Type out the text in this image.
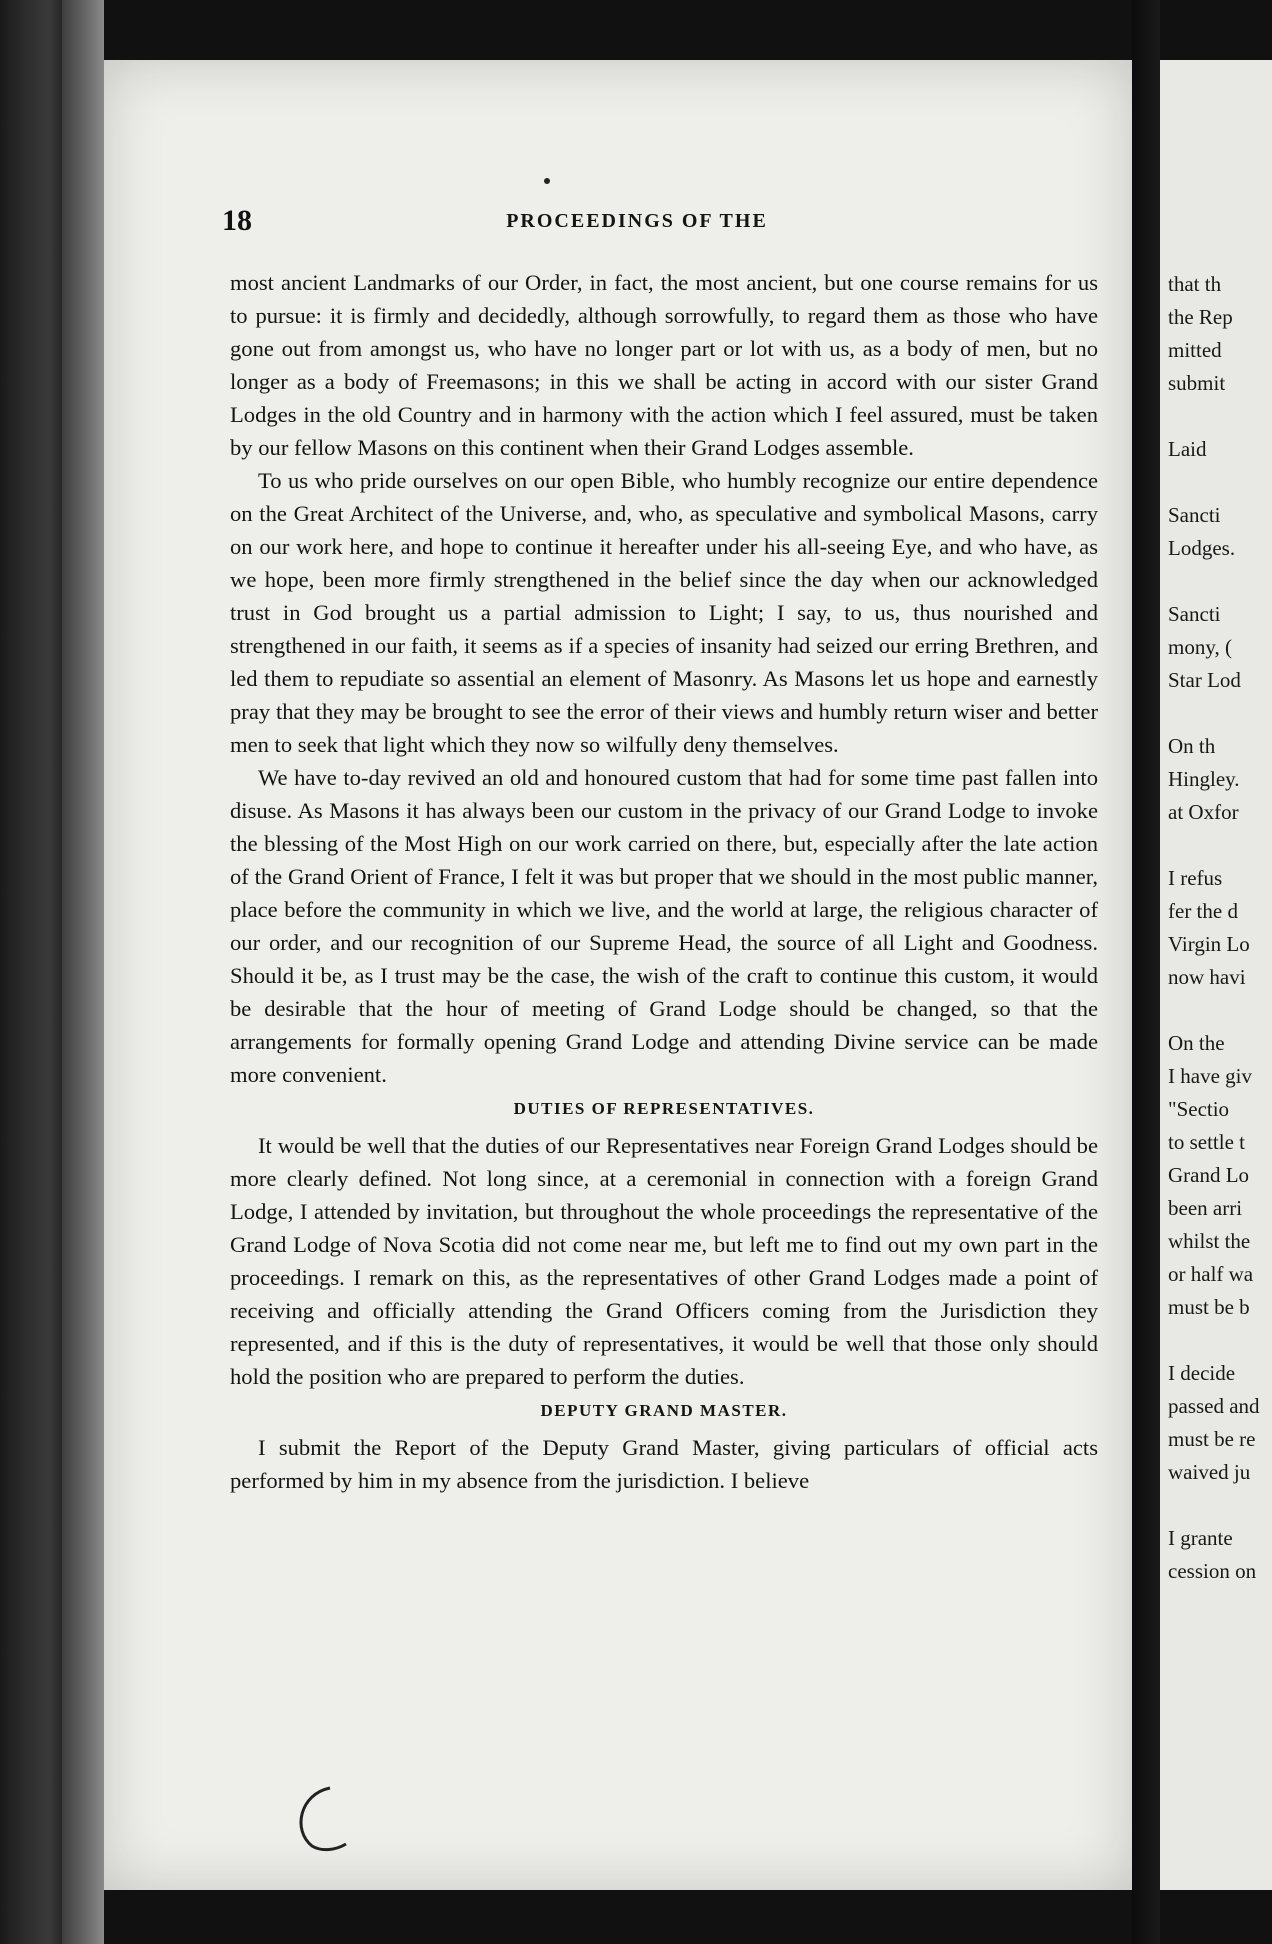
18	PROCEEDINGS OF THE

most ancient Landmarks of our Order, in fact, the most ancient, but one course remains for us to pursue: it is firmly and decidedly, although sorrowfully, to regard them as those who have gone out from amongst us, who have no longer part or lot with us, as a body of men, but no longer as a body of Freemasons; in this we shall be acting in accord with our sister Grand Lodges in the old Country and in harmony with the action which I feel assured, must be taken by our fellow Masons on this continent when their Grand Lodges assemble.

To us who pride ourselves on our open Bible, who humbly recognize our entire dependence on the Great Architect of the Universe, and, who, as speculative and symbolical Masons, carry on our work here, and hope to continue it hereafter under his all-seeing Eye, and who have, as we hope, been more firmly strengthened in the belief since the day when our acknowledged trust in God brought us a partial admission to Light; I say, to us, thus nourished and strengthened in our faith, it seems as if a species of insanity had seized our erring Brethren, and led them to repudiate so assential an element of Masonry. As Masons let us hope and earnestly pray that they may be brought to see the error of their views and humbly return wiser and better men to seek that light which they now so wilfully deny themselves.

We have to-day revived an old and honoured custom that had for some time past fallen into disuse. As Masons it has always been our custom in the privacy of our Grand Lodge to invoke the blessing of the Most High on our work carried on there, but, especially after the late action of the Grand Orient of France, I felt it was but proper that we should in the most public manner, place before the community in which we live, and the world at large, the religious character of our order, and our recognition of our Supreme Head, the source of all Light and Goodness. Should it be, as I trust may be the case, the wish of the craft to continue this custom, it would be desirable that the hour of meeting of Grand Lodge should be changed, so that the arrangements for formally opening Grand Lodge and attending Divine service can be made more convenient.

DUTIES OF REPRESENTATIVES.

It would be well that the duties of our Representatives near Foreign Grand Lodges should be more clearly defined. Not long since, at a ceremonial in connection with a foreign Grand Lodge, I attended by invitation, but throughout the whole proceedings the representative of the Grand Lodge of Nova Scotia did not come near me, but left me to find out my own part in the proceedings. I remark on this, as the representatives of other Grand Lodges made a point of receiving and officially attending the Grand Officers coming from the Jurisdiction they represented, and if this is the duty of representatives, it would be well that those only should hold the position who are prepared to perform the duties.

DEPUTY GRAND MASTER.

I submit the Report of the Deputy Grand Master, giving particulars of official acts performed by him in my absence from the jurisdiction. I believe

that th
the Rep
mitted
submit
Laid
Sancti
Lodges.
Sancti
mony, (
Star Lod
On th
Hingley.
at Oxfor
I refus
fer the d
Virgin Lo
now havi
On the
I have giv
"Sectio
to settle t
Grand Lo
been arri
whilst the
or half wa
must be b
I decide
passed and
must be re
waived ju
I grante
cession on
